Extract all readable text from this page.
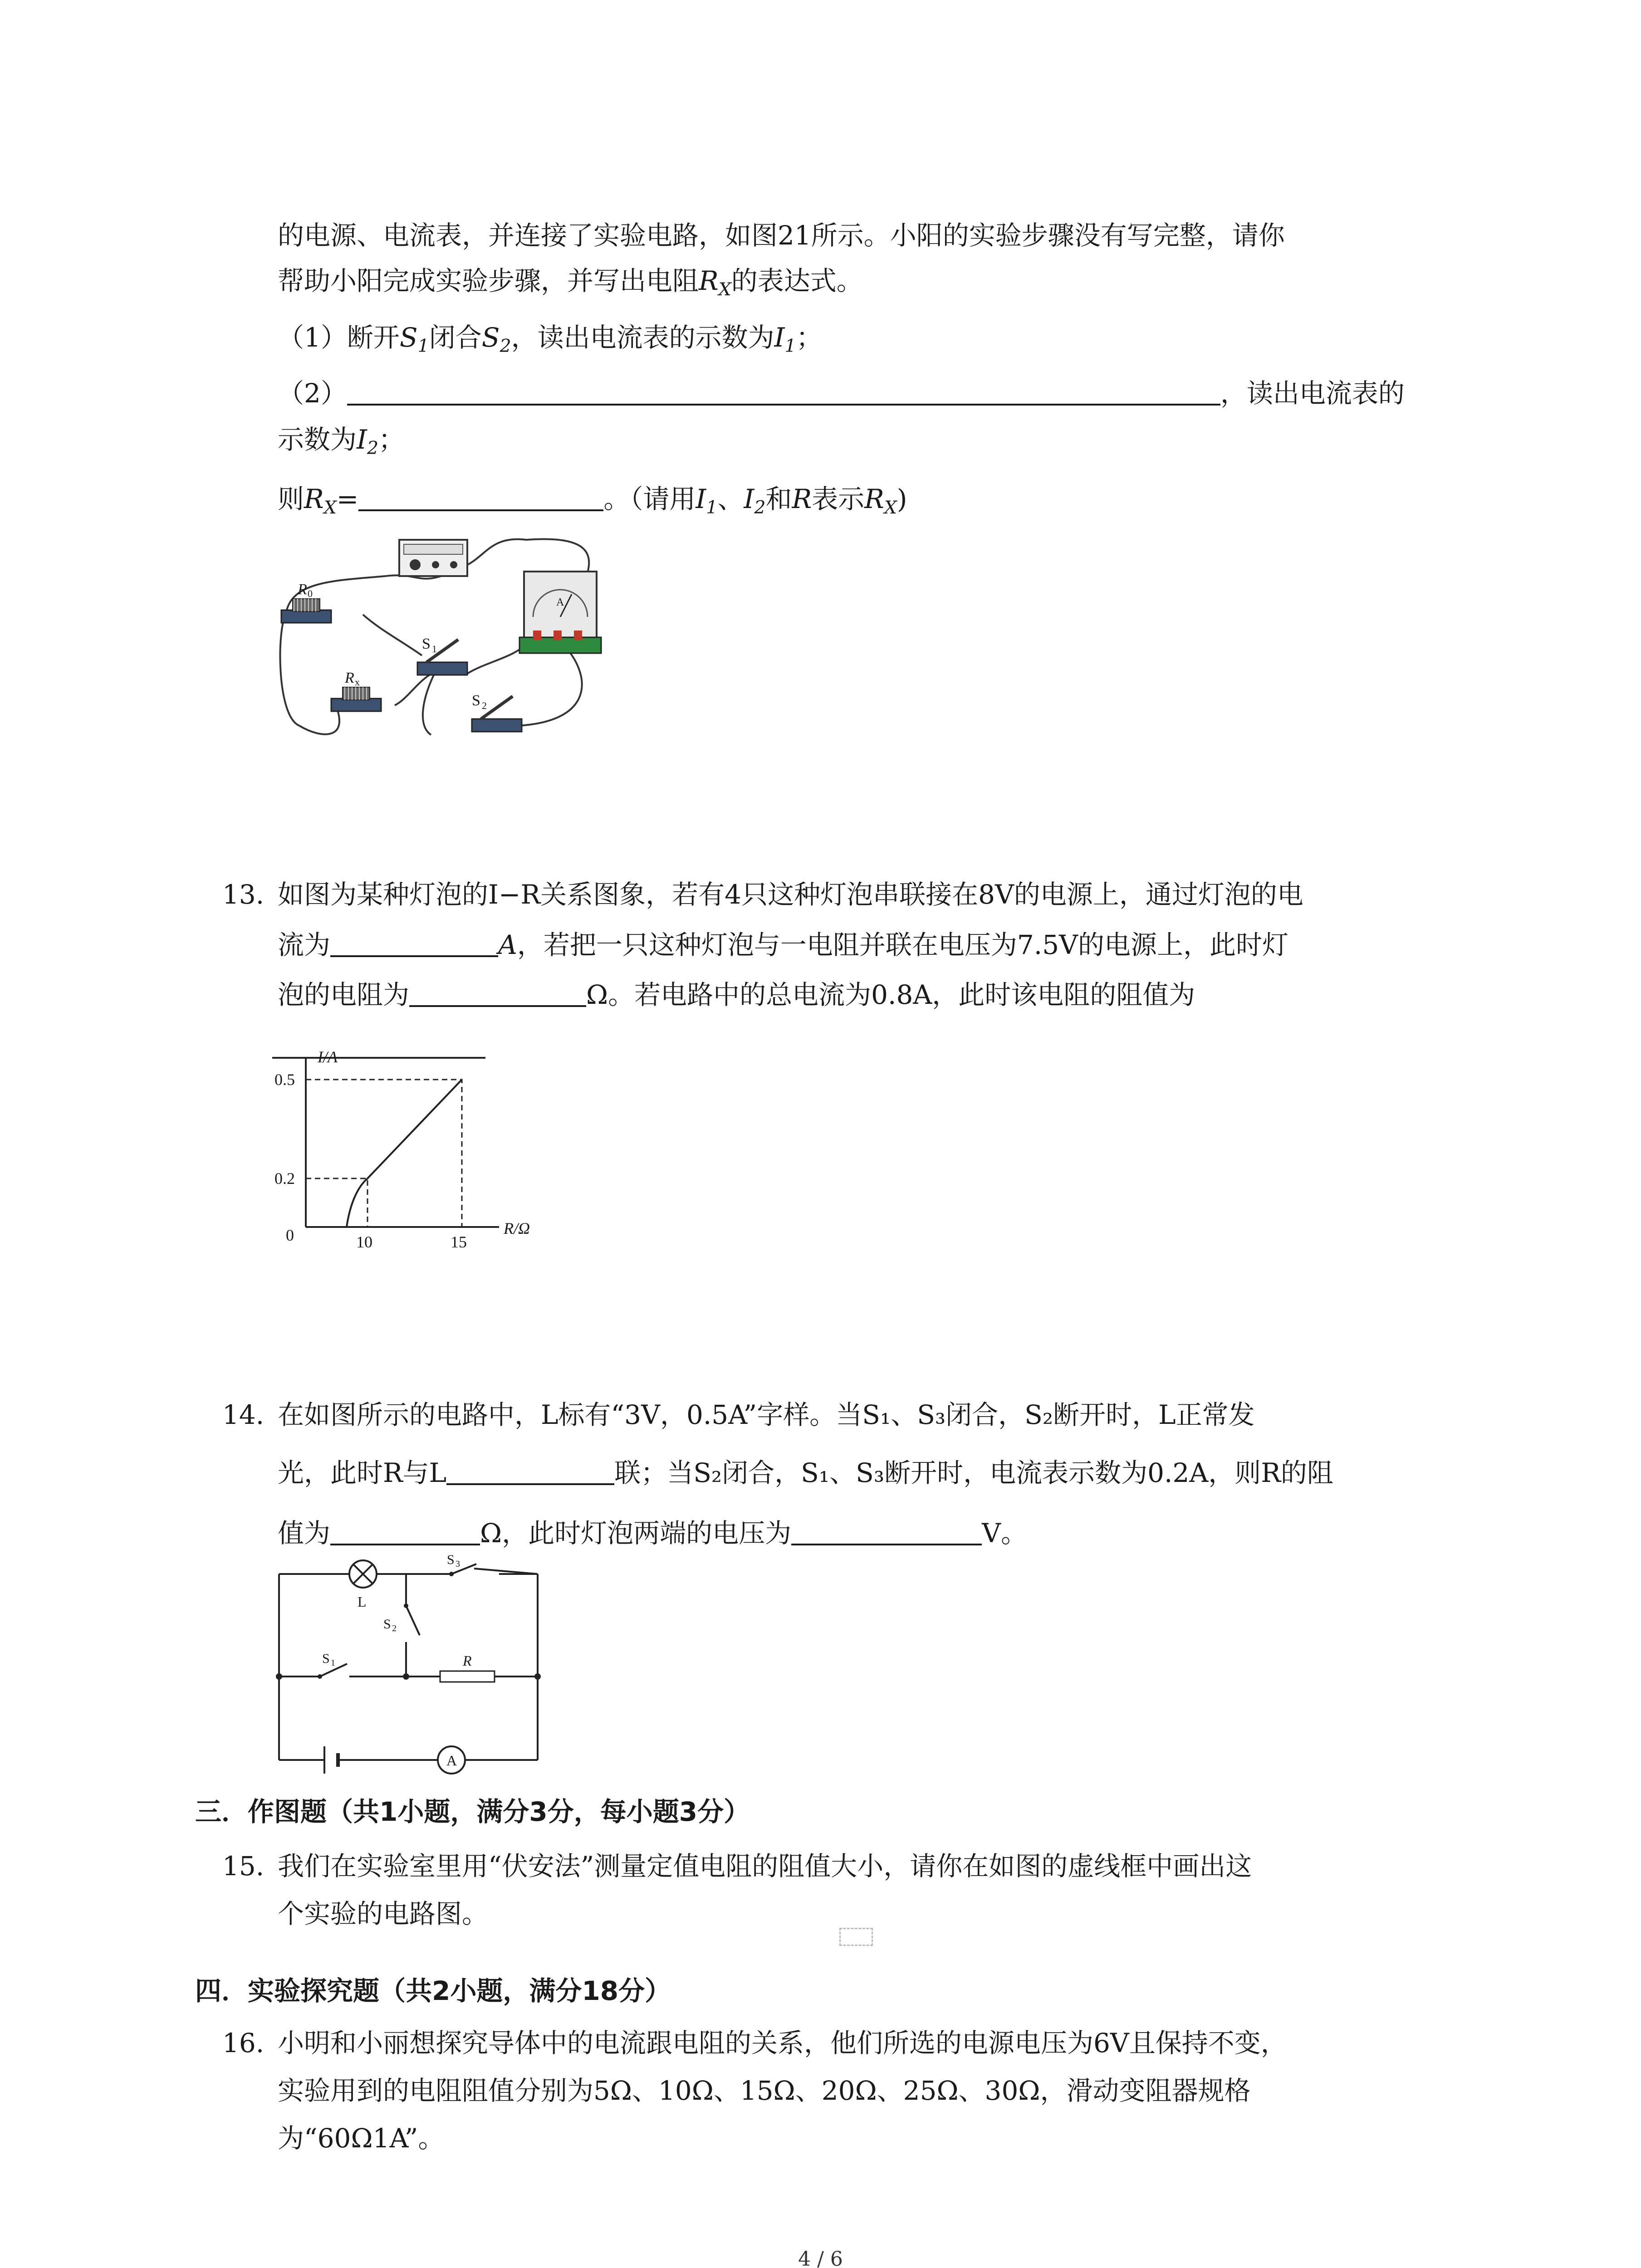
的电源、电流表，并连接了实验电路，如图21所示。小阳的实验步骤没有写完整，请你
帮助小阳完成实验步骤，并写出电阻$R_X$的表达式。
（1）断开$S_1$闭合$S_2$，读出电流表的示数为$I_1$；
（2）	，读出电流表的
示数为$I_2$；
则$R_X=$	。（请用$I_1$、$I_2$和R表示$R_X$)
R 0
R x
S 1
S 2
A
13. 如图为某种灯泡的I−R关系图象，若有4只这种灯泡串联接在8V的电源上，通过灯泡的电
流为	A，若把一只这种灯泡与一电阻并联在电压为7.5V的电源上，此时灯
泡的电阻为	Ω。若电路中的总电流为0.8A，此时该电阻的阻值为
I/A
R/Ω
0
0.5
0.2
10	15
14. 在如图所示的电路中，L标有“3V，0.5A”字样。当S₁、S₃闭合，S₂断开时，L正常发
光，此时R与L	联；当S₂闭合，S₁、S₃断开时，电流表示数为0.2A，则R的阻
值为	Ω，此时灯泡两端的电压为	V。
S 3
L
S 2
S 1	R
A
三．作图题（共1小题，满分3分，每小题3分）
15. 我们在实验室里用“伏安法”测量定值电阻的阻值大小，请你在如图的虚线框中画出这
个实验的电路图。
四．实验探究题（共2小题，满分18分）
16. 小明和小丽想探究导体中的电流跟电阻的关系，他们所选的电源电压为6V且保持不变，
实验用到的电阻阻值分别为5Ω、10Ω、15Ω、20Ω、25Ω、30Ω，滑动变阻器规格
为“60Ω1A”。
4 / 6
